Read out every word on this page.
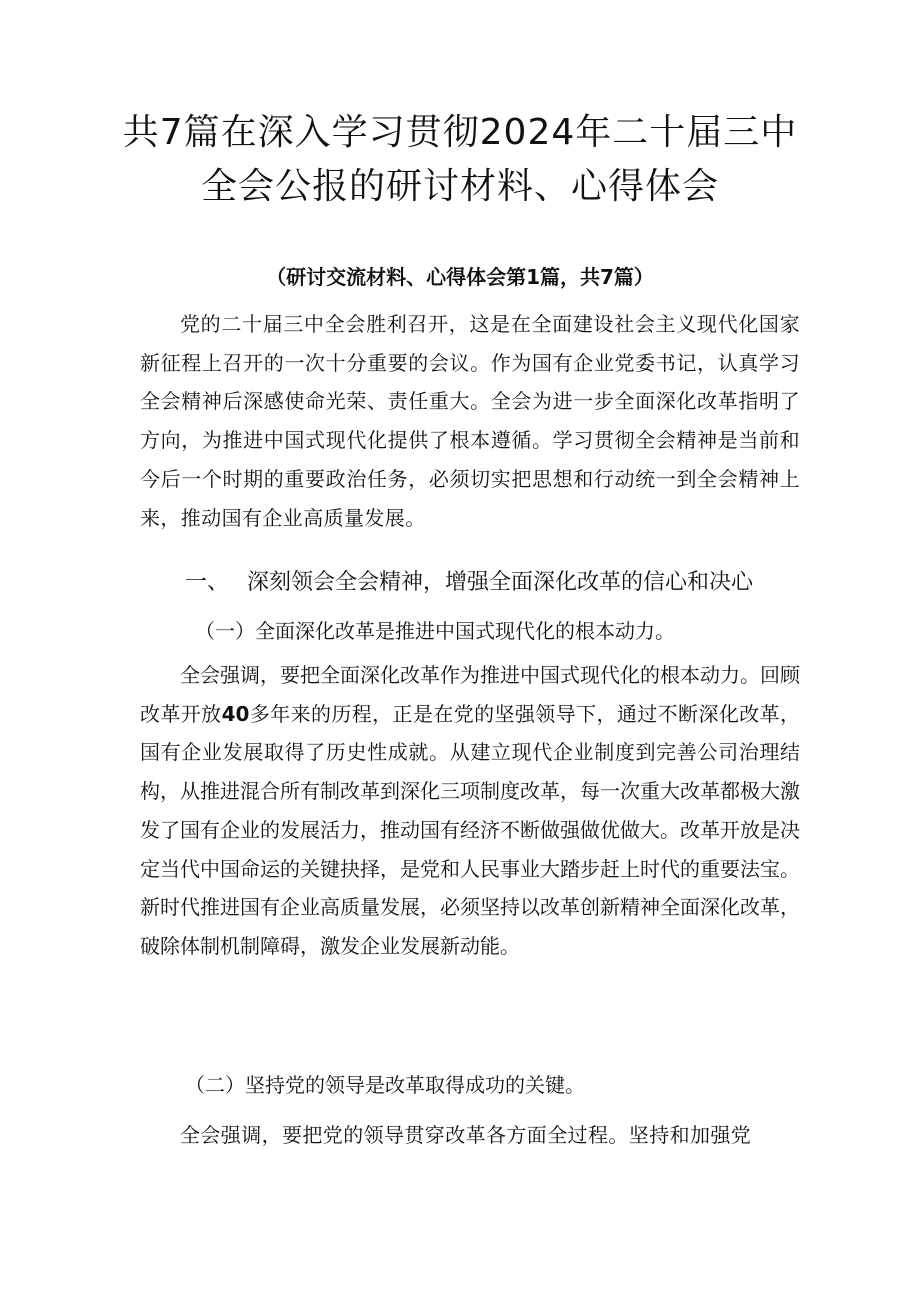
共7篇在深入学习贯彻2024年二十届三中
全会公报的研讨材料、心得体会

（研讨交流材料、心得体会第1篇，共7篇）

党的二十届三中全会胜利召开，这是在全面建设社会主义现代化国家新征程上召开的一次十分重要的会议。作为国有企业党委书记，认真学习全会精神后深感使命光荣、责任重大。全会为进一步全面深化改革指明了方向，为推进中国式现代化提供了根本遵循。学习贯彻全会精神是当前和今后一个时期的重要政治任务，必须切实把思想和行动统一到全会精神上来，推动国有企业高质量发展。

一、 深刻领会全会精神，增强全面深化改革的信心和决心

（一）全面深化改革是推进中国式现代化的根本动力。

全会强调，要把全面深化改革作为推进中国式现代化的根本动力。回顾改革开放40多年来的历程，正是在党的坚强领导下，通过不断深化改革，国有企业发展取得了历史性成就。从建立现代企业制度到完善公司治理结构，从推进混合所有制改革到深化三项制度改革，每一次重大改革都极大激发了国有企业的发展活力，推动国有经济不断做强做优做大。改革开放是决定当代中国命运的关键抉择，是党和人民事业大踏步赶上时代的重要法宝。新时代推进国有企业高质量发展，必须坚持以改革创新精神全面深化改革，破除体制机制障碍，激发企业发展新动能。

（二）坚持党的领导是改革取得成功的关键。

全会强调，要把党的领导贯穿改革各方面全过程。坚持和加强党
